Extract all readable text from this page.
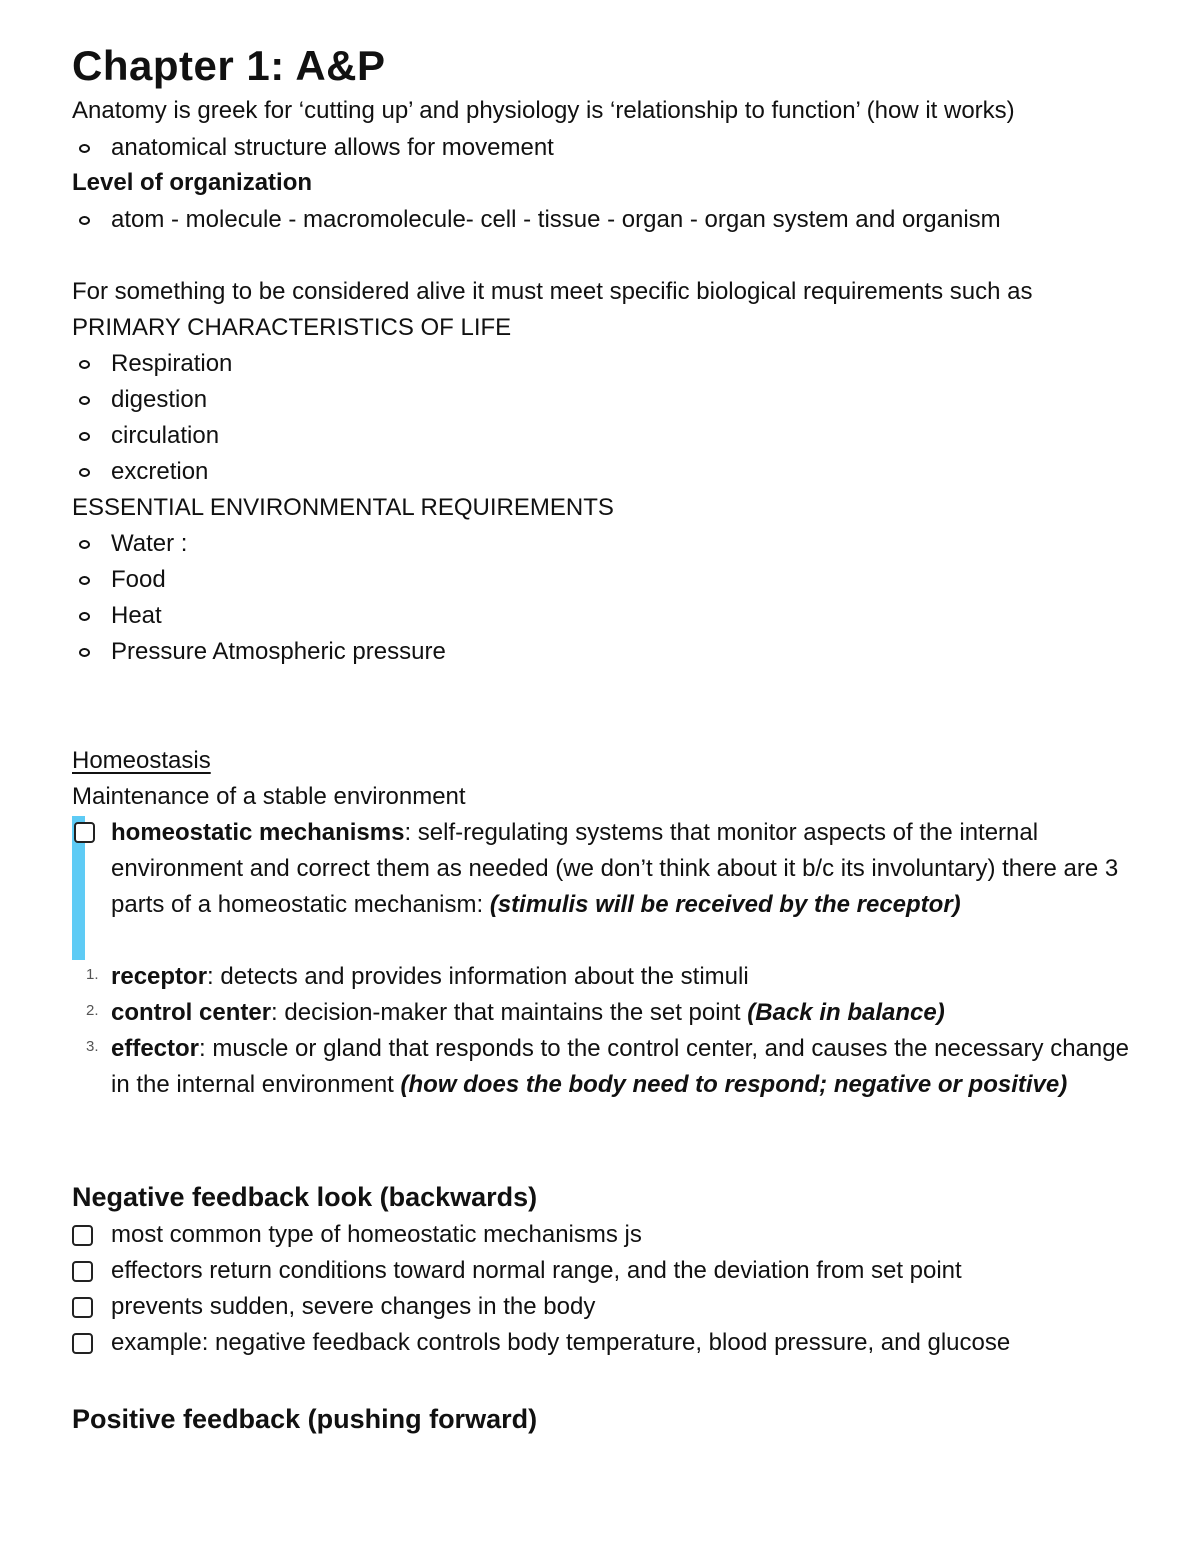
Chapter 1: A&P
Anatomy is greek for ‘cutting up’ and physiology is ‘relationship to function’ (how it works)
anatomical structure allows for movement
Level of organization
atom - molecule - macromolecule- cell - tissue - organ - organ system and organism
For something to be considered alive it must meet specific biological requirements such as
PRIMARY CHARACTERISTICS OF LIFE
Respiration
digestion
circulation
excretion
ESSENTIAL ENVIRONMENTAL REQUIREMENTS
Water :
Food
Heat
Pressure Atmospheric pressure
Homeostasis
Maintenance of a stable environment
homeostatic mechanisms: self-regulating systems that monitor aspects of the internal environment and correct them as needed (we don’t think about it b/c its involuntary) there are 3 parts of a homeostatic mechanism: (stimulis will be received by the receptor)
1. receptor: detects and provides information about the stimuli
2. control center: decision-maker that maintains the set point (Back in balance)
3. effector: muscle or gland that responds to the control center, and causes the necessary change in the internal environment (how does the body need to respond; negative or positive)
Negative feedback look (backwards)
most common type of homeostatic mechanisms js
effectors return conditions toward normal range, and the deviation from set point
prevents sudden, severe changes in the body
example: negative feedback controls body temperature, blood pressure, and glucose
Positive feedback (pushing forward)
